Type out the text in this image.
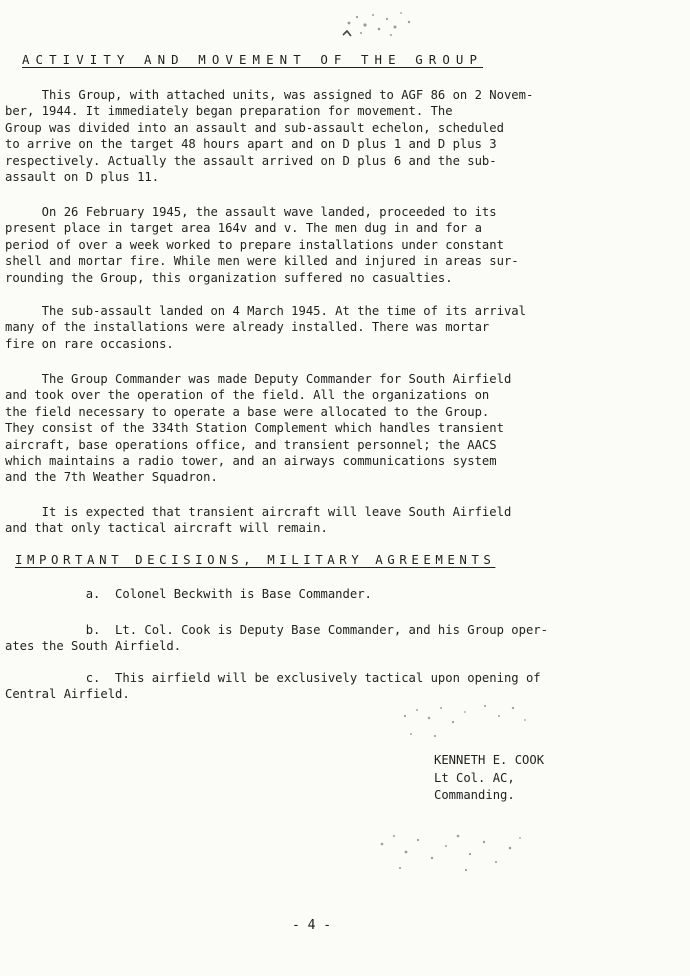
ACTIVITY AND MOVEMENT OF THE GROUP
This Group, with attached units, was assigned to AGF 86 on 2 Novem-
ber, 1944. It immediately began preparation for movement. The
Group was divided into an assault and sub-assault echelon, scheduled
to arrive on the target 48 hours apart and on D plus 1 and D plus 3
respectively. Actually the assault arrived on D plus 6 and the sub-
assault on D plus 11.
On 26 February 1945, the assault wave landed, proceeded to its
present place in target area 164v and v. The men dug in and for a
period of over a week worked to prepare installations under constant
shell and mortar fire. While men were killed and injured in areas sur-
rounding the Group, this organization suffered no casualties.
The sub-assault landed on 4 March 1945. At the time of its arrival
many of the installations were already installed. There was mortar
fire on rare occasions.
The Group Commander was made Deputy Commander for South Airfield
and took over the operation of the field. All the organizations on
the field necessary to operate a base were allocated to the Group.
They consist of the 334th Station Complement which handles transient
aircraft, base operations office, and transient personnel; the AACS
which maintains a radio tower, and an airways communications system
and the 7th Weather Squadron.
It is expected that transient aircraft will leave South Airfield
and that only tactical aircraft will remain.
IMPORTANT DECISIONS, MILITARY AGREEMENTS
a.  Colonel Beckwith is Base Commander.
b.  Lt. Col. Cook is Deputy Base Commander, and his Group oper-
ates the South Airfield.
c.  This airfield will be exclusively tactical upon opening of
Central Airfield.
KENNETH E. COOK
Lt Col. AC,
Commanding.
- 4 -
